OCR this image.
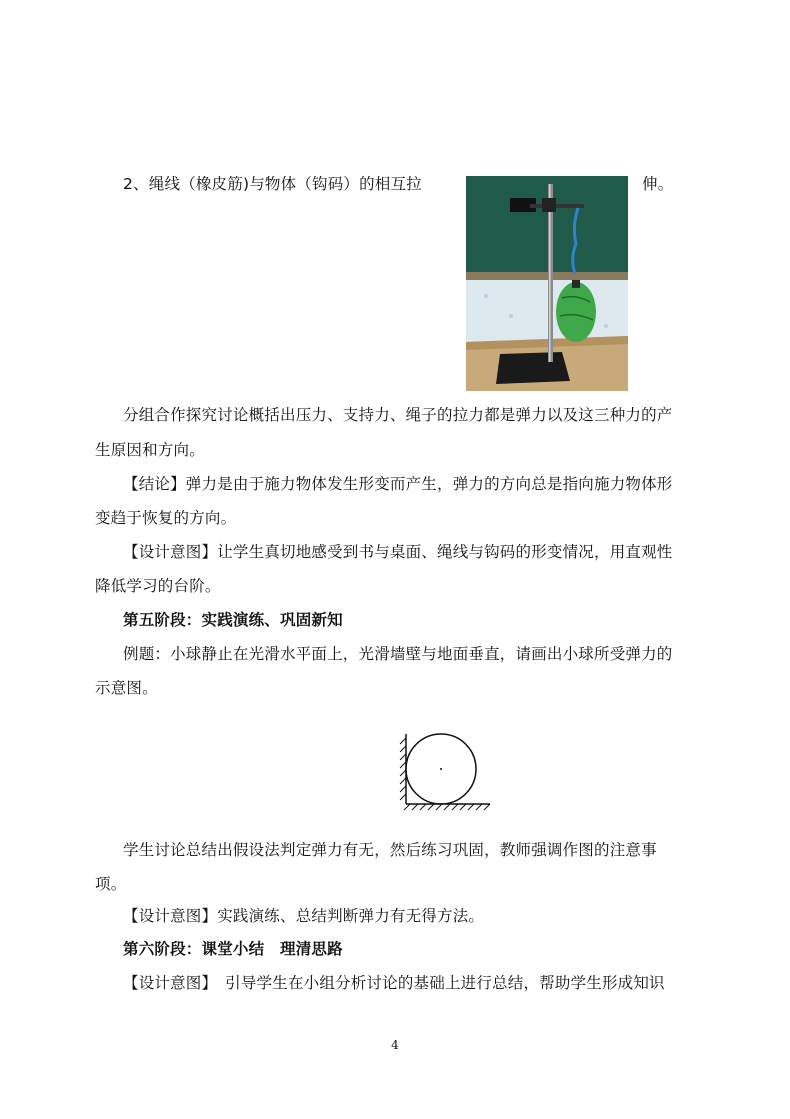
2、绳线（橡皮筋)与物体（钩码）的相互拉	伸。
分组合作探究讨论概括出压力、支持力、绳子的拉力都是弹力以及这三种力的产
生原因和方向。
【结论】弹力是由于施力物体发生形变而产生，弹力的方向总是指向施力物体形
变趋于恢复的方向。
【设计意图】让学生真切地感受到书与桌面、绳线与钩码的形变情况，用直观性
降低学习的台阶。
第五阶段：实践演练、巩固新知
例题：小球静止在光滑水平面上，光滑墙壁与地面垂直，请画出小球所受弹力的
示意图。
学生讨论总结出假设法判定弹力有无，然后练习巩固，教师强调作图的注意事
项。
【设计意图】实践演练、总结判断弹力有无得方法。
第六阶段：课堂小结　理清思路
【设计意图】　引导学生在小组分析讨论的基础上进行总结，帮助学生形成知识
4
